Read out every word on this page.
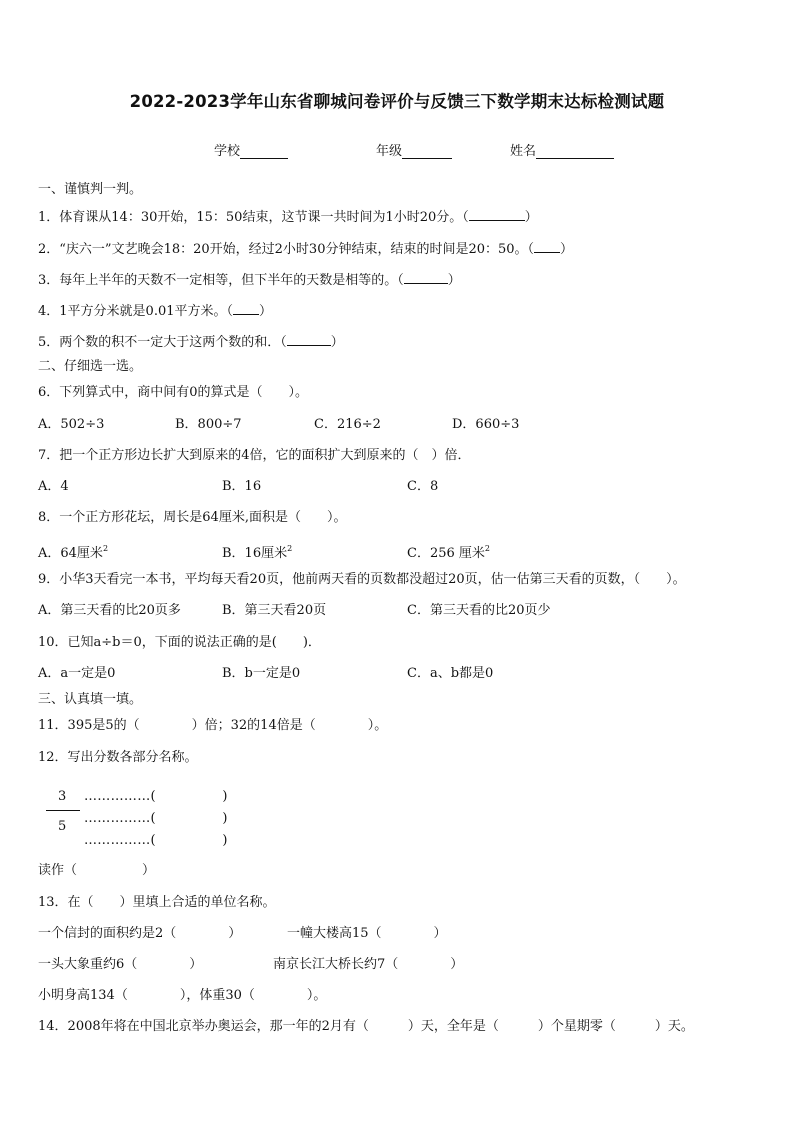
2022-2023学年山东省聊城问卷评价与反馈三下数学期末达标检测试题
学校	年级	姓名
一、谨慎判一判。
1．体育课从14：30开始，15：50结束，这节课一共时间为1小时20分。（	）
2．“庆六一”文艺晚会18：20开始，经过2小时30分钟结束，结束的时间是20：50。（ ）
3．每年上半年的天数不一定相等，但下半年的天数是相等的。（	）
4．1平方分米就是0.01平方米。（ ）
5．两个数的积不一定大于这两个数的和．（	）
二、仔细选一选。
6．下列算式中，商中间有0的算式是（　　）。
A．502÷3	B．800÷7	C．216÷2	D．660÷3
7．把一个正方形边长扩大到原来的4倍，它的面积扩大到原来的（　）倍．
A．4	B．16	C．8
8．一个正方形花坛，周长是64厘米,面积是（　　）。
A．64厘米$^2$	B．16厘米$^2$	C．256 厘米$^2$
9．小华3天看完一本书，平均每天看20页，他前两天看的页数都没超过20页，估一估第三天看的页数，（　　）。
A．第三天看的比20页多	B．第三天看20页	C．第三天看的比20页少
10．已知a÷b＝0，下面的说法正确的是(　　)．
A．a一定是0	B．b一定是0	C．a、b都是0
三、认真填一填。
11．395是5的（　　　　）倍；32的14倍是（　　　　）。
12．写出分数各部分名称。
3
5
……………(　　　　　)
……………(　　　　　)
……………(　　　　　)
读作（　　　　　）
13．在（　　）里填上合适的单位名称。
一个信封的面积约是2（　　　　）	一幢大楼高15（　　　　）
一头大象重约6（　　　　）	南京长江大桥长约7（　　　　）
小明身高134（　　　　），体重30（　　　　）。
14．2008年将在中国北京举办奥运会，那一年的2月有（　　　）天，全年是（　　　）个星期零（　　　）天。
